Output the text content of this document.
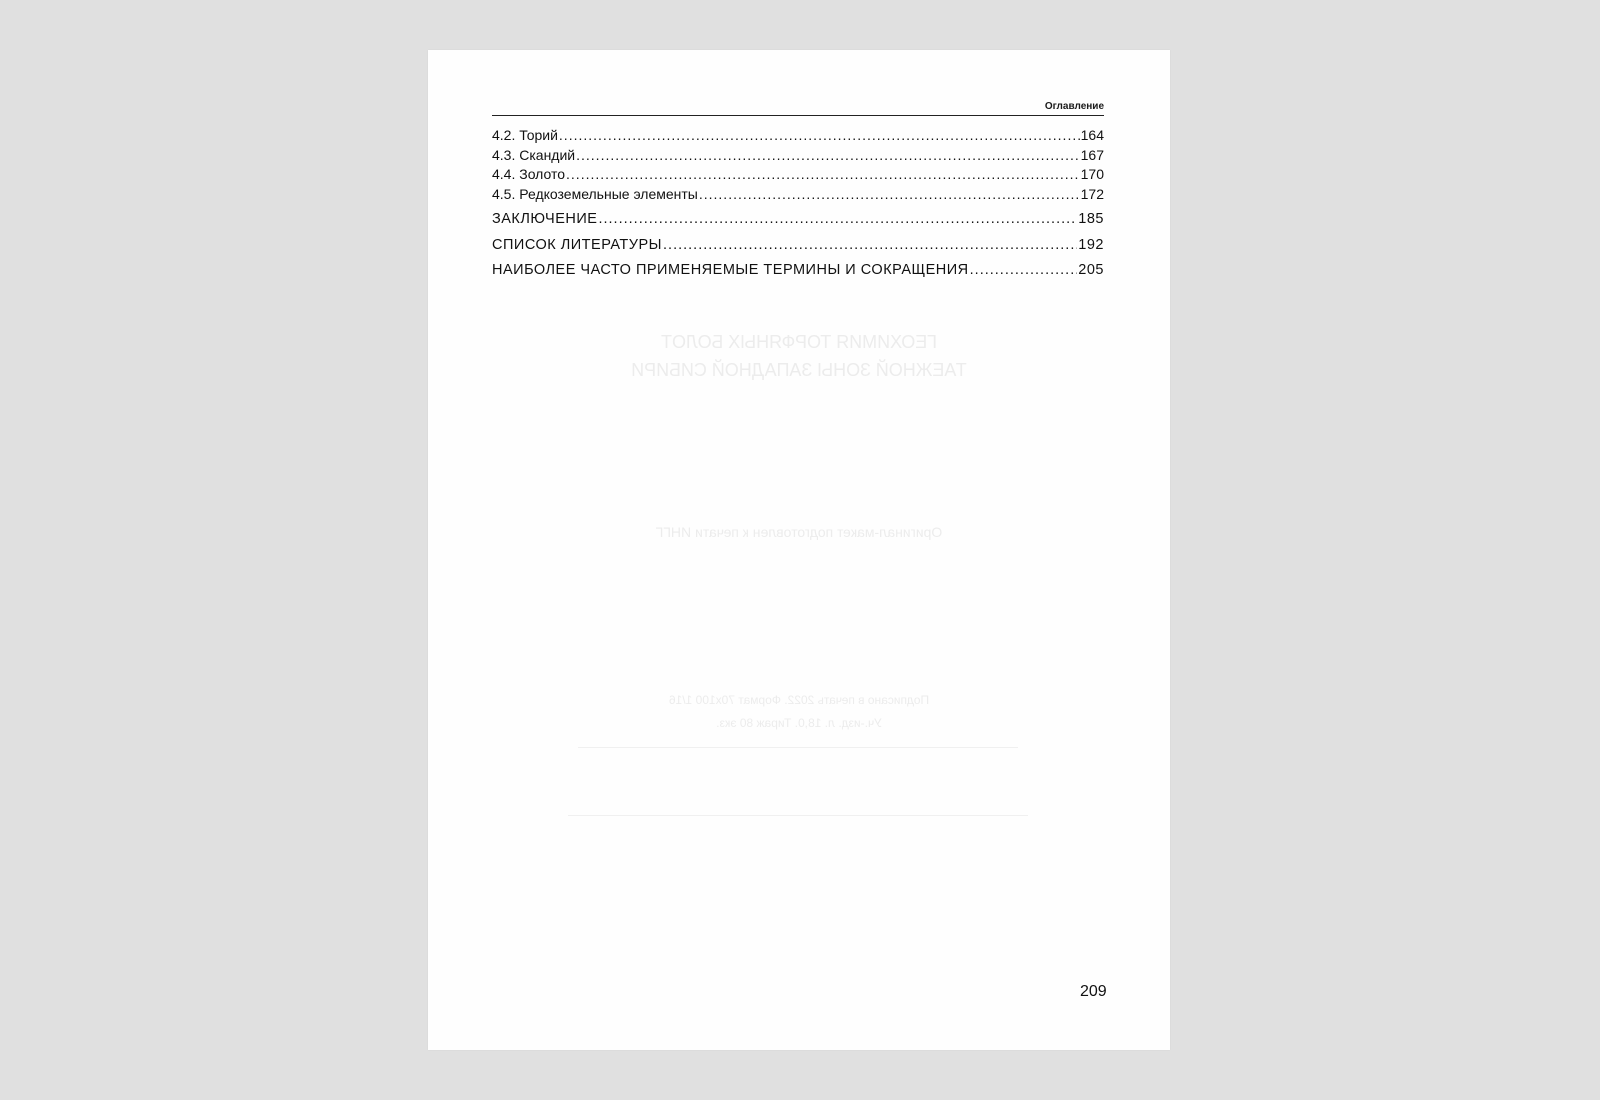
ГЕОХИМИЯ ТОРФЯНЫХ БОЛОТ
ТАЕЖНОЙ ЗОНЫ ЗАПАДНОЙ СИБИРИ
Оригинал-макет подготовлен к печати ИНГГ
Подписано в печать 2022. Формат 70х100 1/16
Уч.-изд. л. 18,0. Тираж 80 экз.
Оглавление
4.2. Торий .....	164
4.3. Скандий .....	167
4.4. Золото .....	170
4.5. Редкоземельные элементы .....	172
ЗАКЛЮЧЕНИЕ .....	185
СПИСОК ЛИТЕРАТУРЫ .....	192
НАИБОЛЕЕ ЧАСТО ПРИМЕНЯЕМЫЕ ТЕРМИНЫ И СОКРАЩЕНИЯ .....	205
209
